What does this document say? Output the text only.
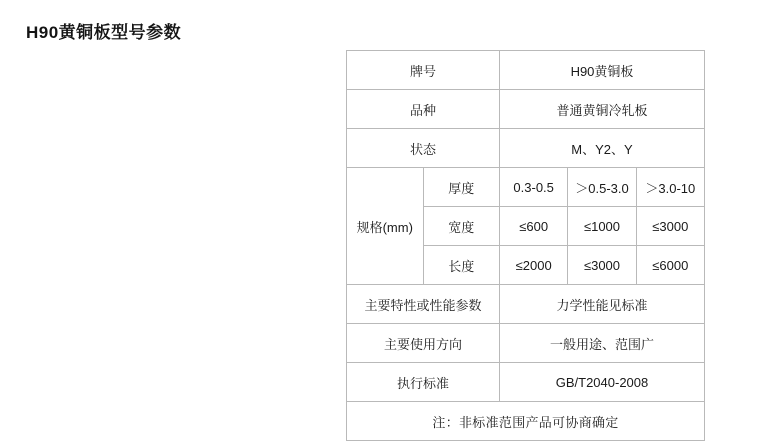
H90黄铜板型号参数
牌号		H90黄铜板		
品种		普通黄铜冷轧板		
状态		M、Y2、Y		
规格(mm)	厚度	0.3-0.5	＞0.5-3.0	＞3.0-10
	宽度	≤600	≤1000	≤3000
	长度	≤2000	≤3000	≤6000
主要特性或性能参数		力学性能见标准		
主要使用方向		一般用途、范围广		
执行标准		GB/T2040-2008		
注：非标准范围产品可协商确定				
